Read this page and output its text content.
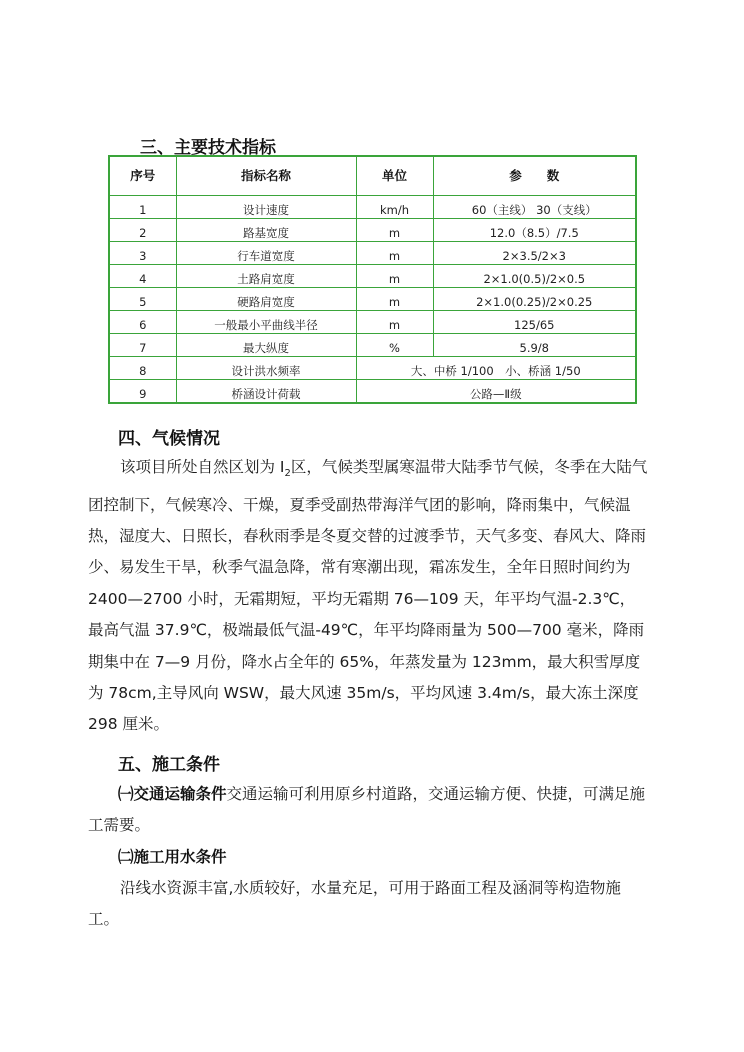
三、主要技术指标
序号	指标名称	单位	参　　数
1	设计速度	km/h	60（主线） 30（支线）
2	路基宽度	m	12.0（8.5）/7.5
3	行车道宽度	m	2×3.5/2×3
4	土路肩宽度	m	2×1.0(0.5)/2×0.5
5	硬路肩宽度	m	2×1.0(0.25)/2×0.25
6	一般最小平曲线半径	m	125/65
7	最大纵度	%	5.9/8
8	设计洪水频率	大、中桥 1/100　小、桥涵 1/50	
9	桥涵设计荷载	公路—Ⅱ级	
四、气候情况
该项目所处自然区划为 $I_2$区，气候类型属寒温带大陆季节气候，冬季在大陆气团控制下，气候寒冷、干燥，夏季受副热带海洋气团的影响，降雨集中，气候温热，湿度大、日照长，春秋雨季是冬夏交替的过渡季节，天气多变、春风大、降雨少、易发生干旱，秋季气温急降，常有寒潮出现，霜冻发生，全年日照时间约为 2400—2700 小时，无霜期短，平均无霜期 76—109 天，年平均气温-2.3℃，最高气温 37.9℃，极端最低气温-49℃，年平均降雨量为 500—700 毫米，降雨期集中在 7—9 月份，降水占全年的 65%，年蒸发量为 123mm，最大积雪厚度为 78cm,主导风向 WSW，最大风速 35m/s，平均风速 3.4m/s，最大冻土深度 298 厘米。
五、施工条件
㈠交通运输条件交通运输可利用原乡村道路，交通运输方便、快捷，可满足施工需要。
㈡施工用水条件
沿线水资源丰富,水质较好，水量充足，可用于路面工程及涵洞等构造物施工。
